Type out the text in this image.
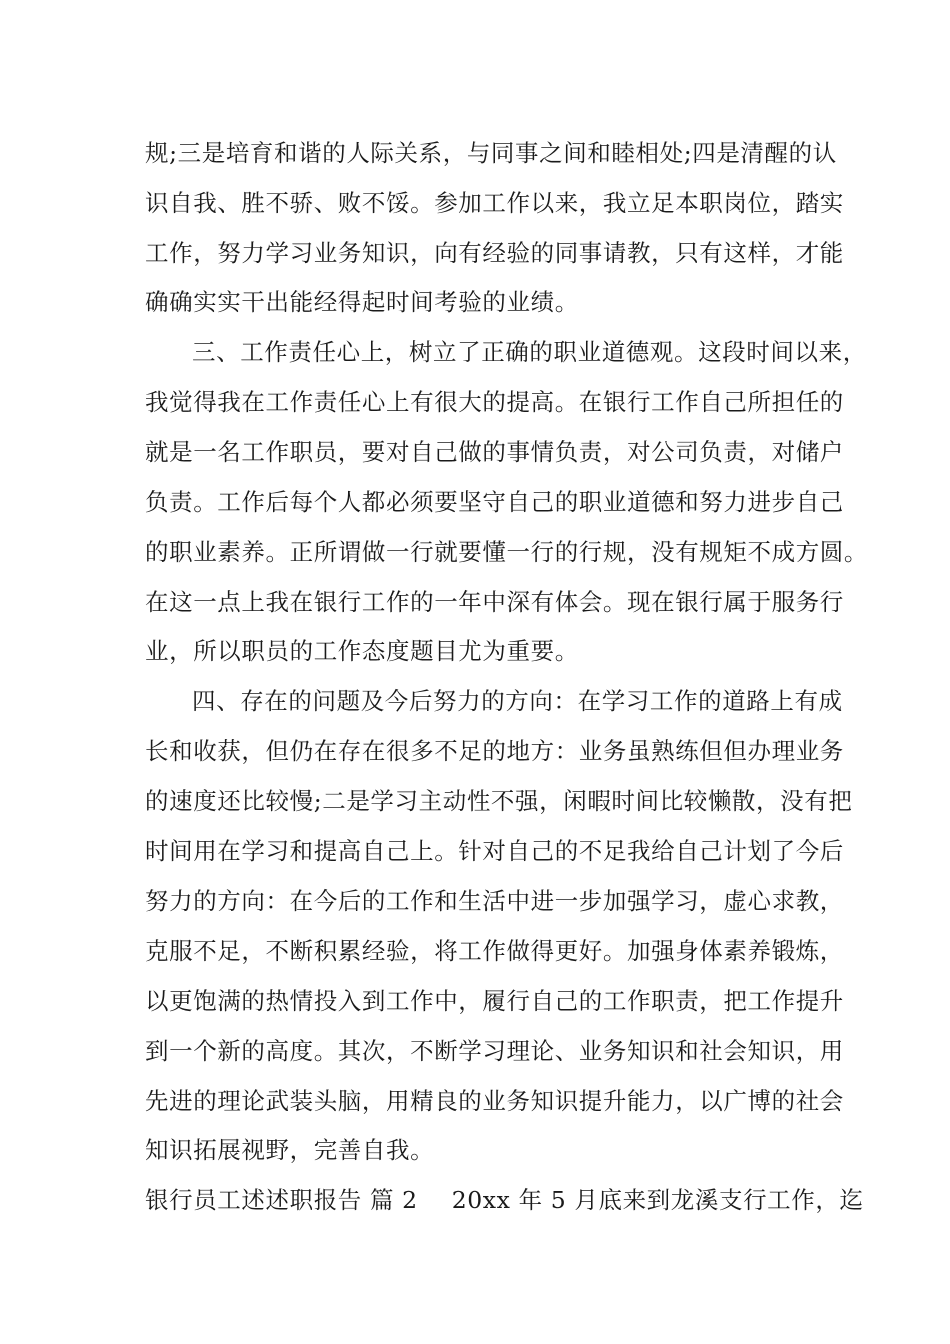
规;三是培育和谐的人际关系，与同事之间和睦相处;四是清醒的认
识自我、胜不骄、败不馁。参加工作以来，我立足本职岗位，踏实
工作，努力学习业务知识，向有经验的同事请教，只有这样，才能
确确实实干出能经得起时间考验的业绩。
三、工作责任心上，树立了正确的职业道德观。这段时间以来，
我觉得我在工作责任心上有很大的提高。在银行工作自己所担任的
就是一名工作职员，要对自己做的事情负责，对公司负责，对储户
负责。工作后每个人都必须要坚守自己的职业道德和努力进步自己
的职业素养。正所谓做一行就要懂一行的行规，没有规矩不成方圆。
在这一点上我在银行工作的一年中深有体会。现在银行属于服务行
业，所以职员的工作态度题目尤为重要。
四、存在的问题及今后努力的方向：在学习工作的道路上有成
长和收获，但仍在存在很多不足的地方：业务虽熟练但但办理业务
的速度还比较慢;二是学习主动性不强，闲暇时间比较懒散，没有把
时间用在学习和提高自己上。针对自己的不足我给自己计划了今后
努力的方向：在今后的工作和生活中进一步加强学习，虚心求教，
克服不足，不断积累经验，将工作做得更好。加强身体素养锻炼，
以更饱满的热情投入到工作中，履行自己的工作职责，把工作提升
到一个新的高度。其次，不断学习理论、业务知识和社会知识，用
先进的理论武装头脑，用精良的业务知识提升能力，以广博的社会
知识拓展视野，完善自我。
银行员工述述职报告 篇 2 20xx 年 5 月底来到龙溪支行工作，迄
